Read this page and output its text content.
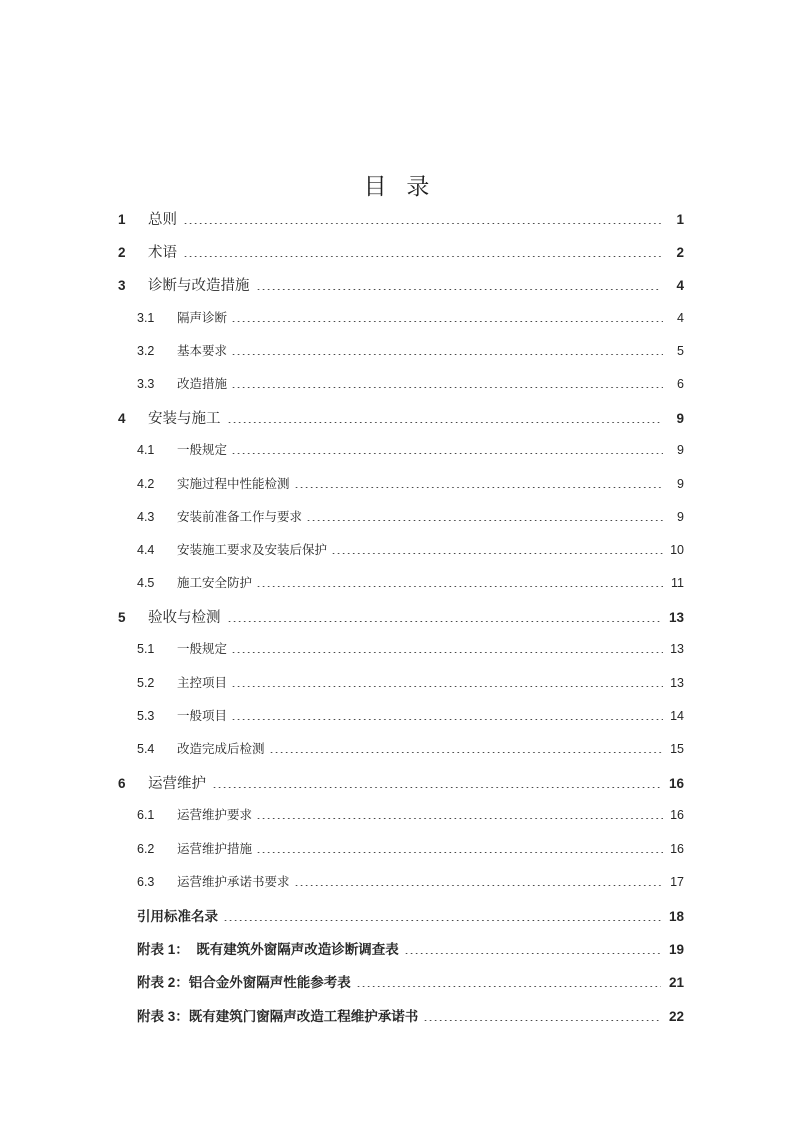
目 录
1	总则	1
2	术语	2
3	诊断与改造措施	4
3.1	隔声诊断	4
3.2	基本要求	5
3.3	改造措施	6
4	安装与施工	9
4.1	一般规定	9
4.2	实施过程中性能检测	9
4.3	安装前准备工作与要求	9
4.4	安装施工要求及安装后保护	10
4.5	施工安全防护	11
5	验收与检测	13
5.1	一般规定	13
5.2	主控项目	13
5.3	一般项目	14
5.4	改造完成后检测	15
6	运营维护	16
6.1	运营维护要求	16
6.2	运营维护措施	16
6.3	运营维护承诺书要求	17
引用标准名录	18
附表 1：  既有建筑外窗隔声改造诊断调查表	19
附表 2：铝合金外窗隔声性能参考表	21
附表 3：既有建筑门窗隔声改造工程维护承诺书	22
